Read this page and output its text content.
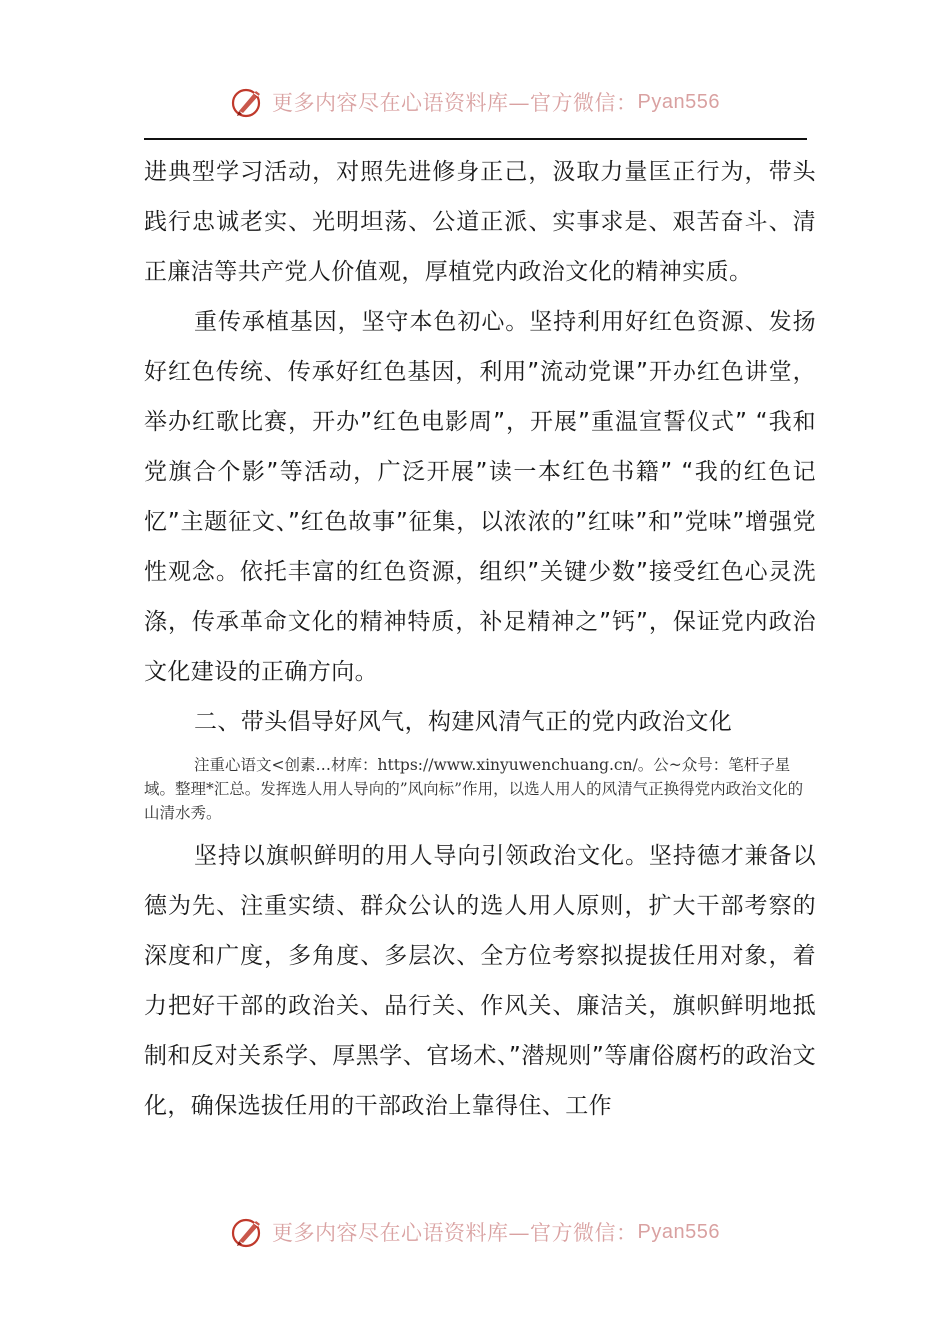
更多内容尽在心语资料库—官方微信： Pyan556

进典型学习活动，对照先进修身正己，汲取力量匡正行为，带头践行忠诚老实、光明坦荡、公道正派、实事求是、艰苦奋斗、清正廉洁等共产党人价值观，厚植党内政治文化的精神实质。

重传承植基因，坚守本色初心。坚持利用好红色资源、发扬好红色传统、传承好红色基因，利用”流动党课”开办红色讲堂，举办红歌比赛，开办”红色电影周”，开展”重温宣誓仪式” “我和党旗合个影”等活动，广泛开展”读一本红色书籍” “我的红色记忆”主题征文、”红色故事”征集，以浓浓的”红味”和”党味”增强党性观念。依托丰富的红色资源，组织”关键少数”接受红色心灵洗涤，传承革命文化的精神特质，补足精神之”钙”，保证党内政治文化建设的正确方向。

二、带头倡导好风气，构建风清气正的党内政治文化

注重心语文<创素…材库：https://www.xinyuwenchuang.cn/。公~众号：笔杆子星域。整理*汇总。发挥选人用人导向的”风向标”作用，以选人用人的风清气正换得党内政治文化的山清水秀。

坚持以旗帜鲜明的用人导向引领政治文化。坚持德才兼备以德为先、注重实绩、群众公认的选人用人原则，扩大干部考察的深度和广度，多角度、多层次、全方位考察拟提拔任用对象，着力把好干部的政治关、品行关、作风关、廉洁关，旗帜鲜明地抵制和反对关系学、厚黑学、官场术、”潜规则”等庸俗腐朽的政治文化，确保选拔任用的干部政治上靠得住、工作

更多内容尽在心语资料库—官方微信： Pyan556
